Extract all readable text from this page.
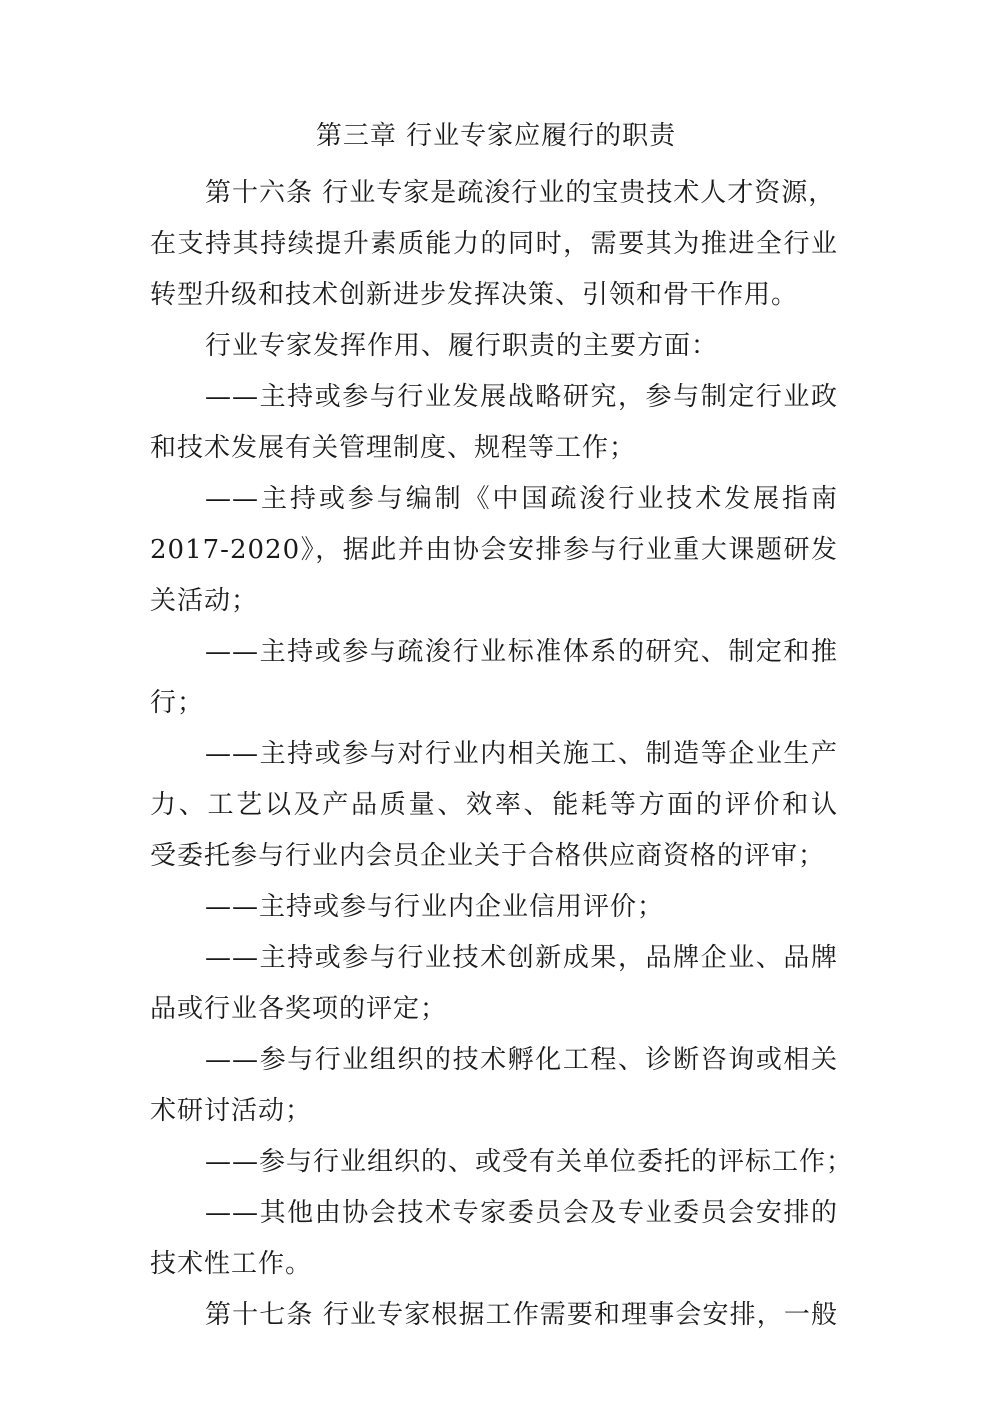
第三章 行业专家应履行的职责
第十六条 行业专家是疏浚行业的宝贵技术人才资源，
在支持其持续提升素质能力的同时，需要其为推进全行业
转型升级和技术创新进步发挥决策、引领和骨干作用。
行业专家发挥作用、履行职责的主要方面：
——主持或参与行业发展战略研究，参与制定行业政
和技术发展有关管理制度、规程等工作；
——主持或参与编制《中国疏浚行业技术发展指南
2017-2020》，据此并由协会安排参与行业重大课题研发
关活动；
——主持或参与疏浚行业标准体系的研究、制定和推
行；
——主持或参与对行业内相关施工、制造等企业生产
力、工艺以及产品质量、效率、能耗等方面的评价和认
受委托参与行业内会员企业关于合格供应商资格的评审；
——主持或参与行业内企业信用评价；
——主持或参与行业技术创新成果，品牌企业、品牌
品或行业各奖项的评定；
——参与行业组织的技术孵化工程、诊断咨询或相关
术研讨活动；
——参与行业组织的、或受有关单位委托的评标工作；
——其他由协会技术专家委员会及专业委员会安排的
技术性工作。
第十七条 行业专家根据工作需要和理事会安排，一般
